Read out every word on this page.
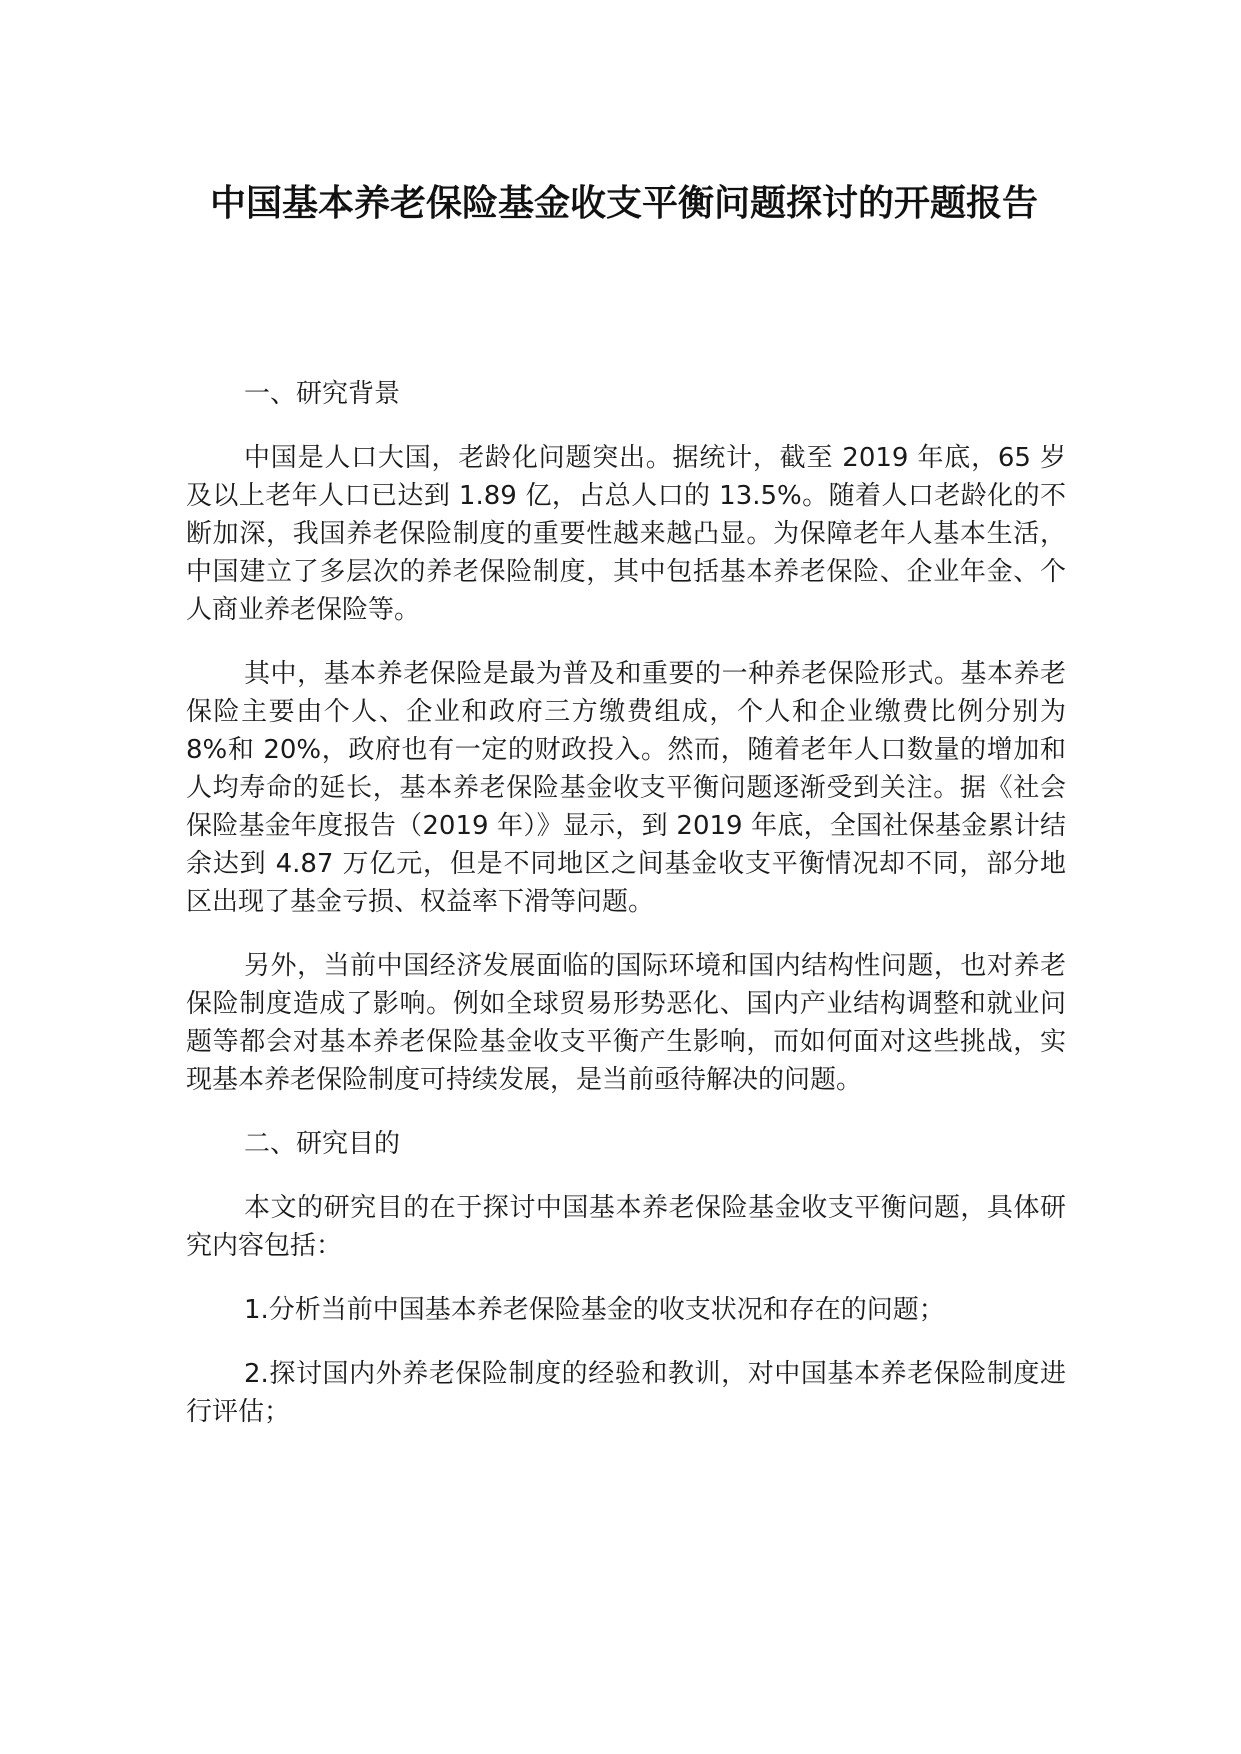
中国基本养老保险基金收支平衡问题探讨的开题报告

一、研究背景

中国是人口大国，老龄化问题突出。据统计，截至 2019 年底，65 岁及以上老年人口已达到 1.89 亿，占总人口的 13.5%。随着人口老龄化的不断加深，我国养老保险制度的重要性越来越凸显。为保障老年人基本生活，中国建立了多层次的养老保险制度，其中包括基本养老保险、企业年金、个人商业养老保险等。

其中，基本养老保险是最为普及和重要的一种养老保险形式。基本养老保险主要由个人、企业和政府三方缴费组成，个人和企业缴费比例分别为 8%和 20%，政府也有一定的财政投入。然而，随着老年人口数量的增加和人均寿命的延长，基本养老保险基金收支平衡问题逐渐受到关注。据《社会保险基金年度报告（2019 年）》显示，到 2019 年底，全国社保基金累计结余达到 4.87 万亿元，但是不同地区之间基金收支平衡情况却不同，部分地区出现了基金亏损、权益率下滑等问题。

另外，当前中国经济发展面临的国际环境和国内结构性问题，也对养老保险制度造成了影响。例如全球贸易形势恶化、国内产业结构调整和就业问题等都会对基本养老保险基金收支平衡产生影响，而如何面对这些挑战，实现基本养老保险制度可持续发展，是当前亟待解决的问题。

二、研究目的

本文的研究目的在于探讨中国基本养老保险基金收支平衡问题，具体研究内容包括：

1.分析当前中国基本养老保险基金的收支状况和存在的问题；

2.探讨国内外养老保险制度的经验和教训，对中国基本养老保险制度进行评估；
